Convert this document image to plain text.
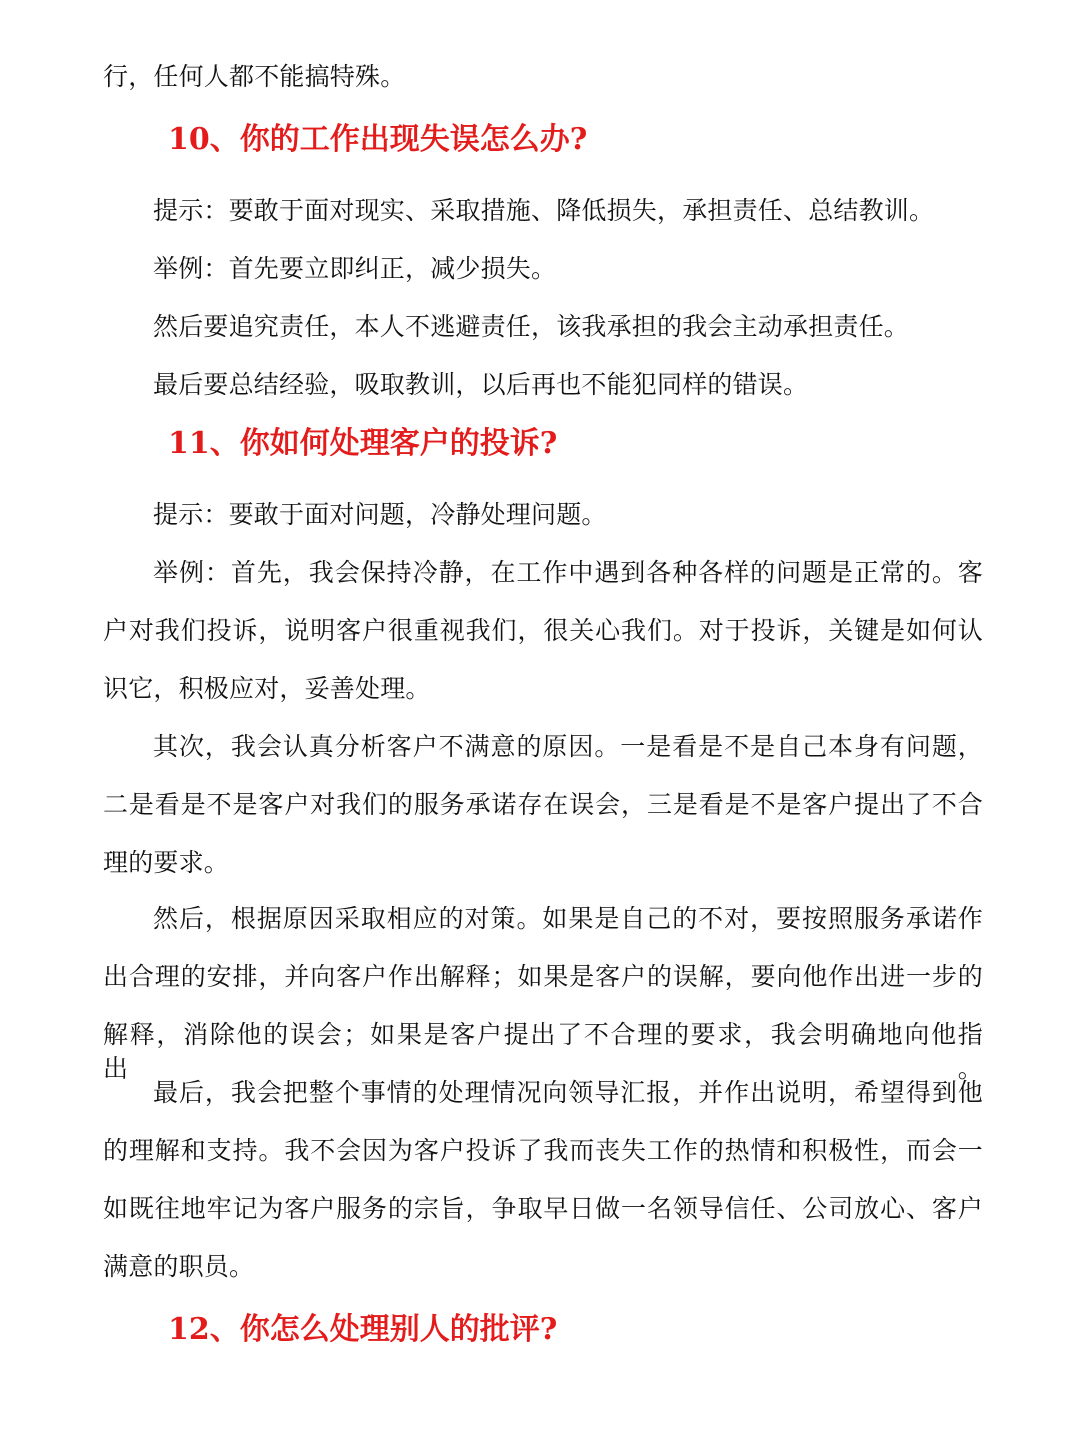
行，任何人都不能搞特殊。
10、你的工作出现失误怎么办?
提示：要敢于面对现实、采取措施、降低损失，承担责任、总结教训。
举例：首先要立即纠正，减少损失。
然后要追究责任，本人不逃避责任，该我承担的我会主动承担责任。
最后要总结经验，吸取教训，以后再也不能犯同样的错误。
11、你如何处理客户的投诉?
提示：要敢于面对问题，冷静处理问题。
举例：首先，我会保持冷静，在工作中遇到各种各样的问题是正常的。客
户对我们投诉，说明客户很重视我们，很关心我们。对于投诉，关键是如何认
识它，积极应对，妥善处理。
其次，我会认真分析客户不满意的原因。一是看是不是自己本身有问题，
二是看是不是客户对我们的服务承诺存在误会，三是看是不是客户提出了不合
理的要求。
然后，根据原因采取相应的对策。如果是自己的不对，要按照服务承诺作
出合理的安排，并向客户作出解释；如果是客户的误解，要向他作出进一步的
解释，消除他的误会；如果是客户提出了不合理的要求，我会明确地向他指出。
最后，我会把整个事情的处理情况向领导汇报，并作出说明，希望得到他
的理解和支持。我不会因为客户投诉了我而丧失工作的热情和积极性，而会一
如既往地牢记为客户服务的宗旨，争取早日做一名领导信任、公司放心、客户
满意的职员。
12、你怎么处理别人的批评?
